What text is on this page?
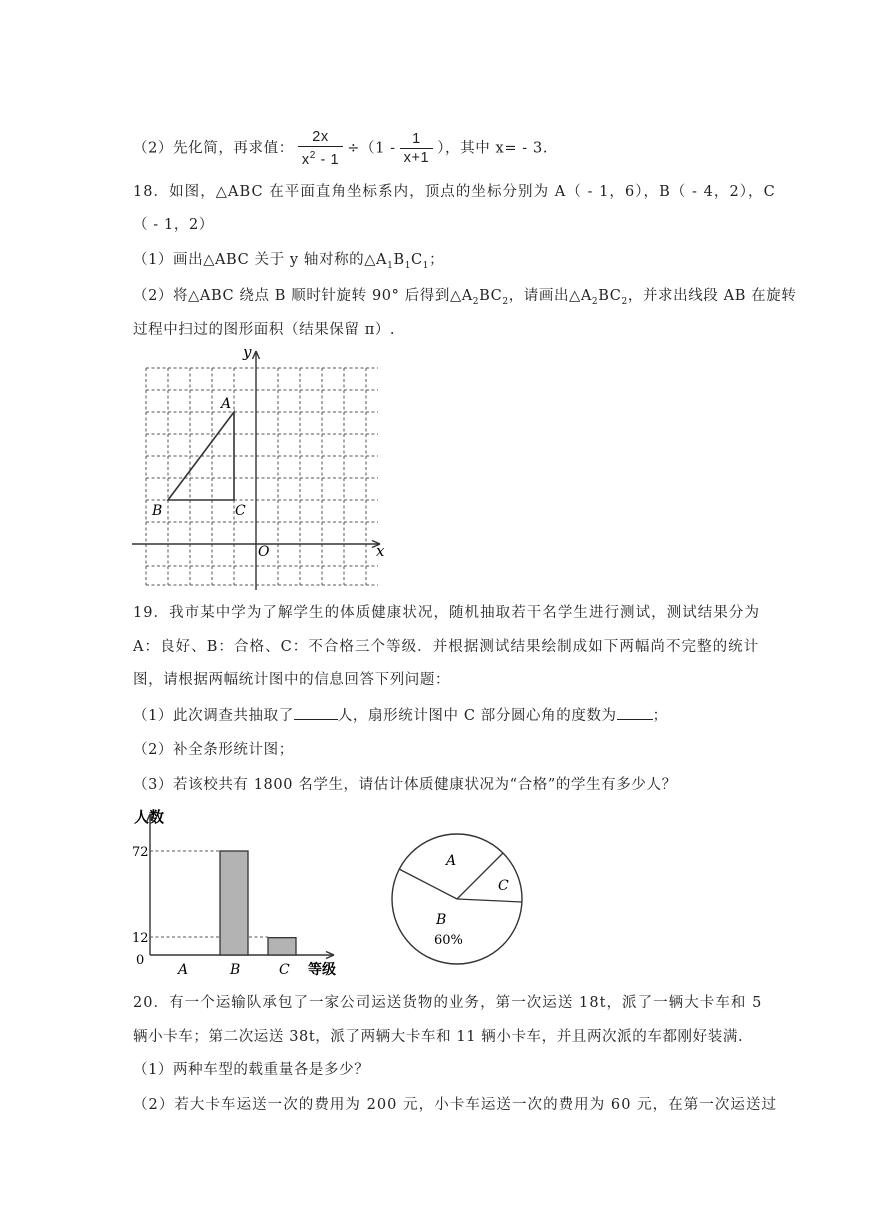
（2）先化简，再求值： $\frac{2x}{x^2 - 1} \div(1 - \frac{1}{x+1}$ ），其中 x= - 3.
18．如图，△ABC 在平面直角坐标系内，顶点的坐标分别为 A（ - 1，6），B（ - 4，2），C
（ - 1，2）
（1）画出△ABC 关于 y 轴对称的$\triangle A_1B_1C_1$；
（2）将△ABC 绕点 B 顺时针旋转 90° 后得到$\triangle A_2BC_2$，请画出$\triangle A_2BC_2$，并求出线段 AB 在旋转
过程中扫过的图形面积（结果保留 π）.
y
x
O
A
B	C
19．我市某中学为了解学生的体质健康状况，随机抽取若干名学生进行测试，测试结果分为
A：良好、B：合格、C：不合格三个等级．并根据测试结果绘制成如下两幅尚不完整的统计
图，请根据两幅统计图中的信息回答下列问题：
（1）此次调查共抽取了	人，扇形统计图中 C 部分圆心角的度数为 ；
（2）补全条形统计图；
（3）若该校共有 1800 名学生，请估计体质健康状况为“合格”的学生有多少人？
人数
72
12
0
A	B	C 等级
A
C
B
60%
20．有一个运输队承包了一家公司运送货物的业务，第一次运送 18t，派了一辆大卡车和 5
辆小卡车；第二次运送 38t，派了两辆大卡车和 11 辆小卡车，并且两次派的车都刚好装满.
（1）两种车型的载重量各是多少？
（2）若大卡车运送一次的费用为 200 元，小卡车运送一次的费用为 60 元，在第一次运送过
